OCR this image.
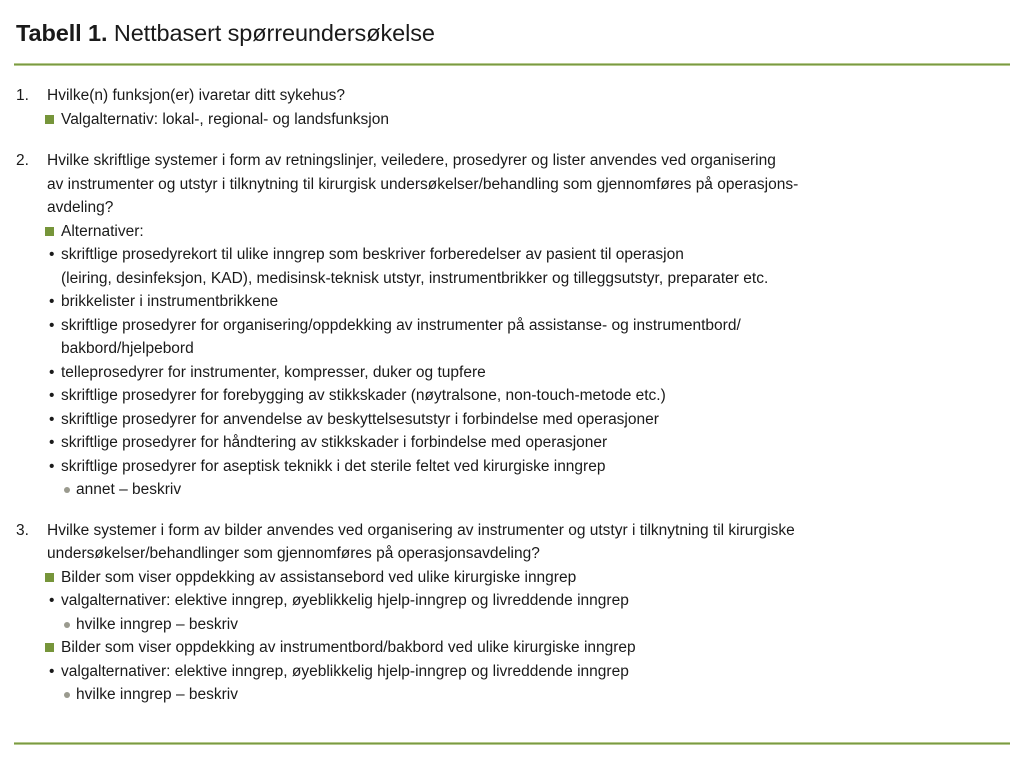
Tabell 1. Nettbasert spørreundersøkelse
1.	Hvilke(n) funksjon(er) ivaretar ditt sykehus?
Valgalternativ: lokal-, regional- og landsfunksjon
2.	Hvilke skriftlige systemer i form av retningslinjer, veiledere, prosedyrer og lister anvendes ved organisering
av instrumenter og utstyr i tilknytning til kirurgisk undersøkelser/behandling som gjennomføres på operasjons-
avdeling?
Alternativer:
• skriftlige prosedyrekort til ulike inngrep som beskriver forberedelser av pasient til operasjon
(leiring, desinfeksjon, KAD), medisinsk-teknisk utstyr, instrumentbrikker og tilleggsutstyr, preparater etc.
• brikkelister i instrumentbrikkene
• skriftlige prosedyrer for organisering/oppdekking av instrumenter på assistanse- og instrumentbord/
bakbord/hjelpebord
• telleprosedyrer for instrumenter, kompresser, duker og tupfere
• skriftlige prosedyrer for forebygging av stikkskader (nøytralsone, non-touch-metode etc.)
• skriftlige prosedyrer for anvendelse av beskyttelsesutstyr i forbindelse med operasjoner
• skriftlige prosedyrer for håndtering av stikkskader i forbindelse med operasjoner
• skriftlige prosedyrer for aseptisk teknikk i det sterile feltet ved kirurgiske inngrep
annet – beskriv
3.	Hvilke systemer i form av bilder anvendes ved organisering av instrumenter og utstyr i tilknytning til kirurgiske
undersøkelser/behandlinger som gjennomføres på operasjonsavdeling?
Bilder som viser oppdekking av assistansebord ved ulike kirurgiske inngrep
• valgalternativer: elektive inngrep, øyeblikkelig hjelp-inngrep og livreddende inngrep
hvilke inngrep – beskriv
Bilder som viser oppdekking av instrumentbord/bakbord ved ulike kirurgiske inngrep
• valgalternativer: elektive inngrep, øyeblikkelig hjelp-inngrep og livreddende inngrep
hvilke inngrep – beskriv
